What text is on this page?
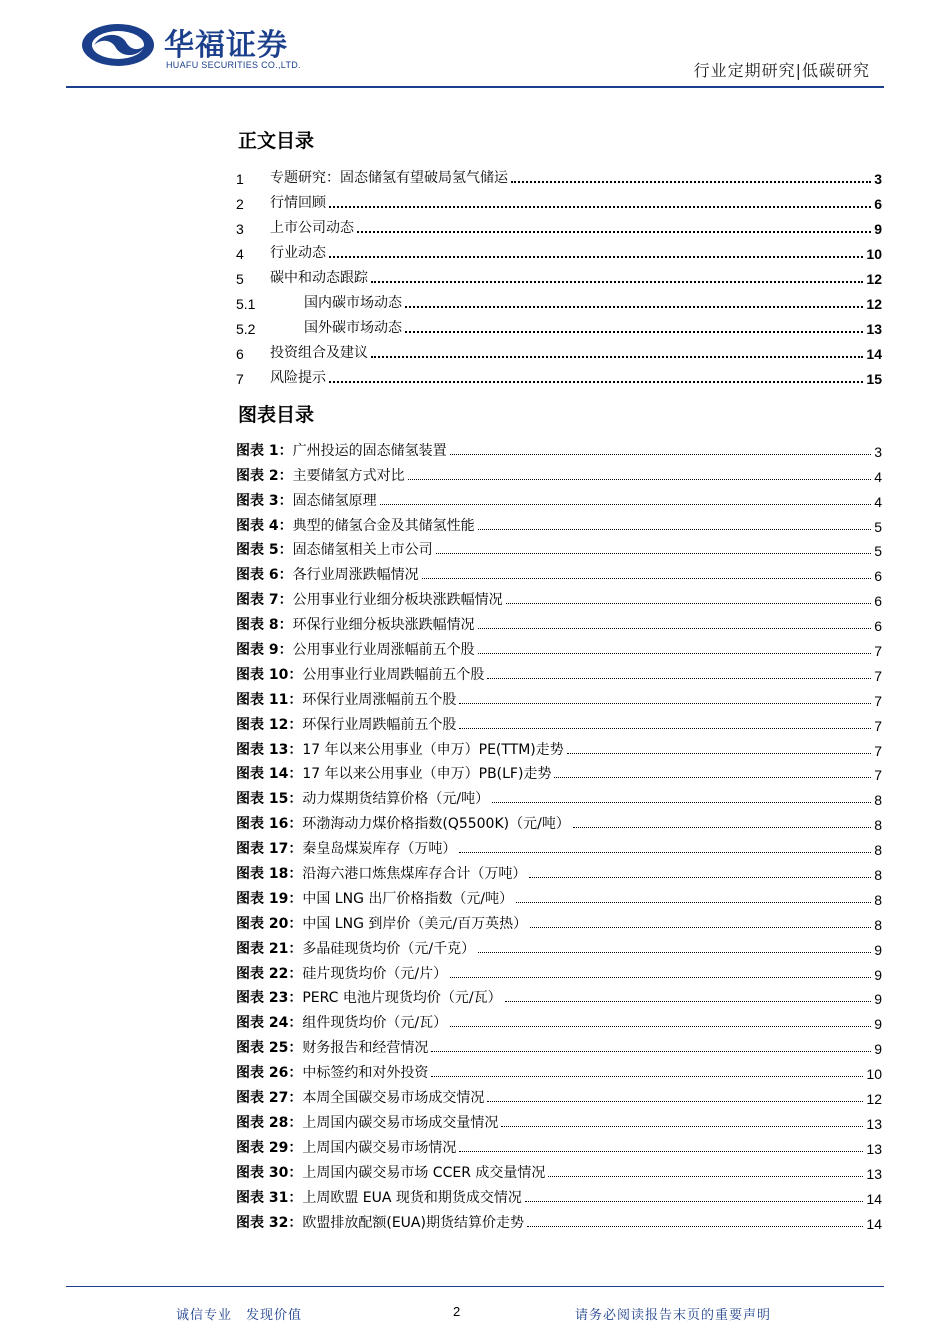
华福证券
HUAFU SECURITIES CO.,LTD.	行业定期研究|低碳研究
正文目录
1	专题研究：固态储氢有望破局氢气储运	3
2	行情回顾	6
3	上市公司动态	9
4	行业动态	10
5	碳中和动态跟踪	12
5.1	国内碳市场动态	12
5.2	国外碳市场动态	13
6	投资组合及建议	14
7	风险提示	15
图表目录
图表 1： 广州投运的固态储氢装置	3
图表 2： 主要储氢方式对比	4
图表 3： 固态储氢原理	4
图表 4： 典型的储氢合金及其储氢性能	5
图表 5： 固态储氢相关上市公司	5
图表 6： 各行业周涨跌幅情况	6
图表 7： 公用事业行业细分板块涨跌幅情况	6
图表 8： 环保行业细分板块涨跌幅情况	6
图表 9： 公用事业行业周涨幅前五个股	7
图表 10： 公用事业行业周跌幅前五个股	7
图表 11： 环保行业周涨幅前五个股	7
图表 12： 环保行业周跌幅前五个股	7
图表 13： 17 年以来公用事业（申万）PE(TTM)走势	7
图表 14： 17 年以来公用事业（申万）PB(LF)走势	7
图表 15： 动力煤期货结算价格（元/吨）	8
图表 16： 环渤海动力煤价格指数(Q5500K)（元/吨）	8
图表 17： 秦皇岛煤炭库存（万吨）	8
图表 18： 沿海六港口炼焦煤库存合计（万吨）	8
图表 19： 中国 LNG 出厂价格指数（元/吨）	8
图表 20： 中国 LNG 到岸价（美元/百万英热）	8
图表 21： 多晶硅现货均价（元/千克）	9
图表 22： 硅片现货均价（元/片）	9
图表 23： PERC 电池片现货均价（元/瓦）	9
图表 24： 组件现货均价（元/瓦）	9
图表 25： 财务报告和经营情况	9
图表 26： 中标签约和对外投资	10
图表 27： 本周全国碳交易市场成交情况	12
图表 28： 上周国内碳交易市场成交量情况	13
图表 29： 上周国内碳交易市场情况	13
图表 30： 上周国内碳交易市场 CCER 成交量情况	13
图表 31： 上周欧盟 EUA 现货和期货成交情况	14
图表 32： 欧盟排放配额(EUA)期货结算价走势	14
诚信专业　发现价值	2	请务必阅读报告末页的重要声明
